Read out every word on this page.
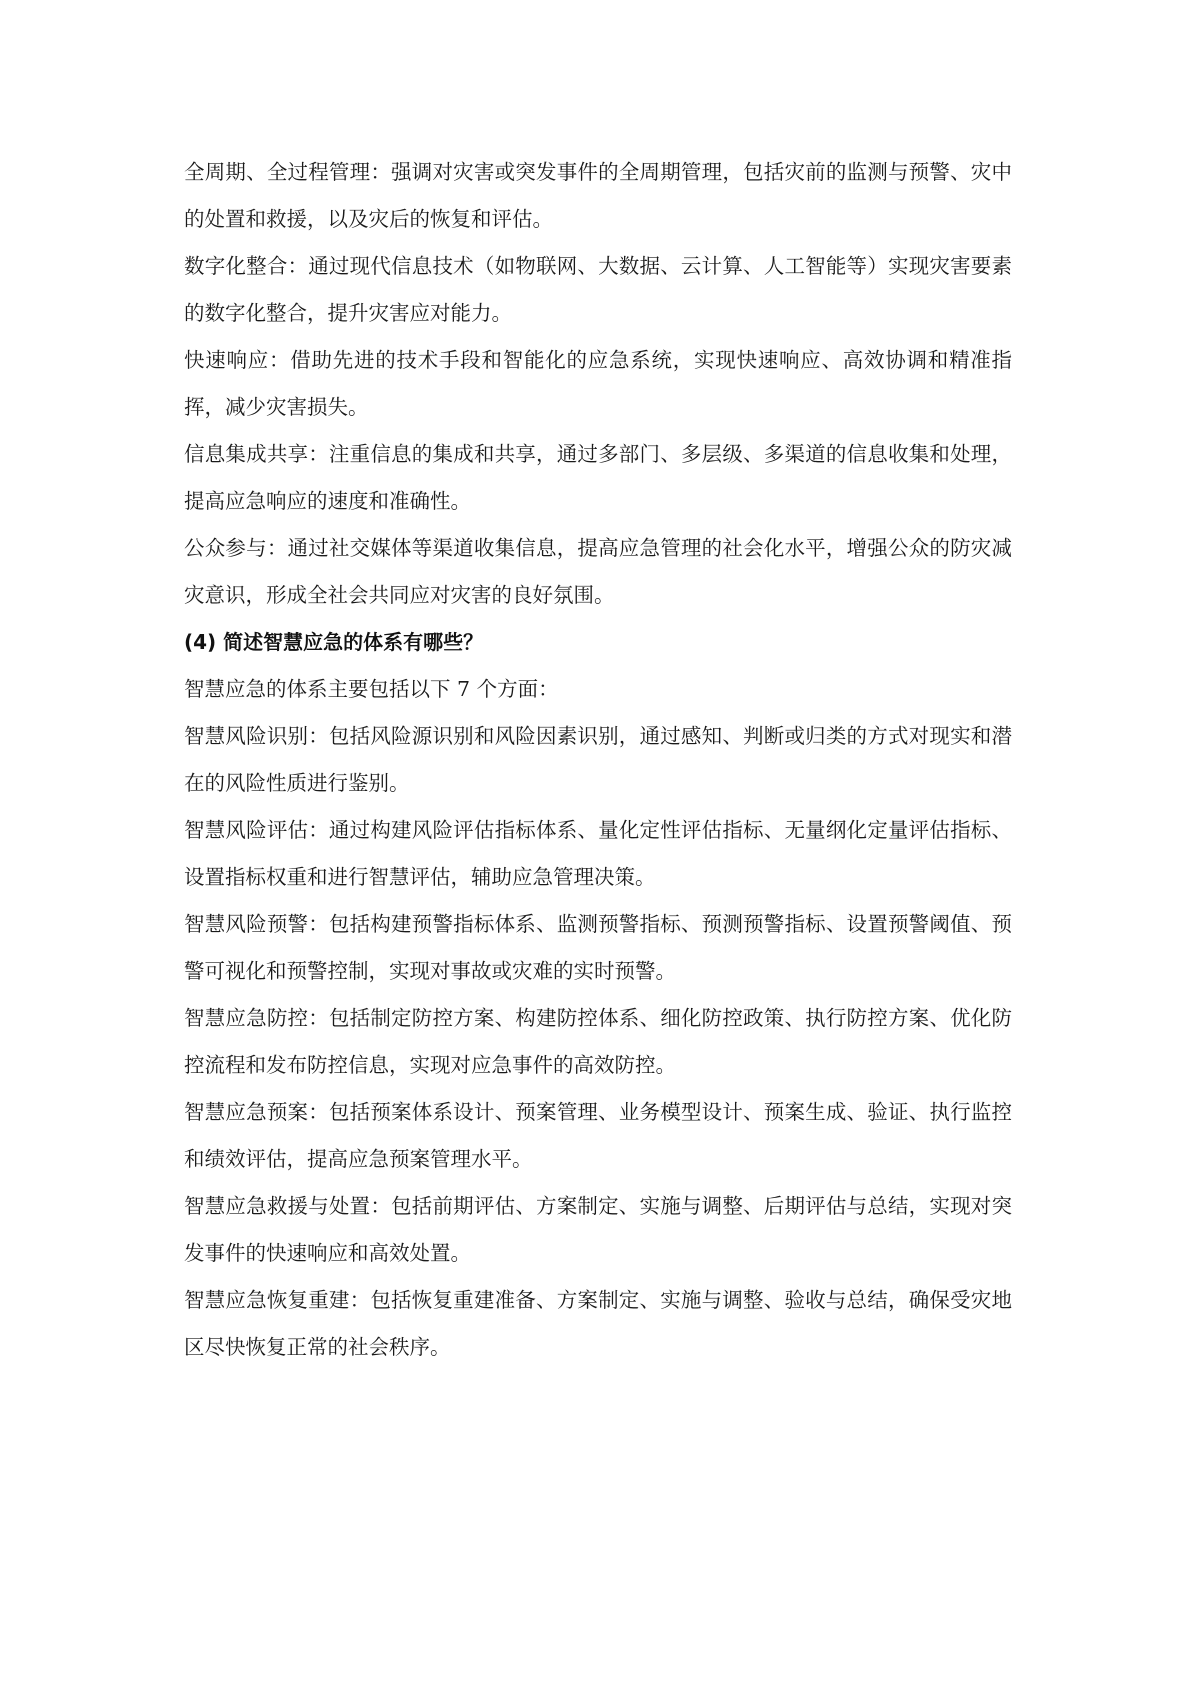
全周期、全过程管理：强调对灾害或突发事件的全周期管理，包括灾前的监测与预警、灾中的处置和救援，以及灾后的恢复和评估。

数字化整合：通过现代信息技术（如物联网、大数据、云计算、人工智能等）实现灾害要素的数字化整合，提升灾害应对能力。

快速响应：借助先进的技术手段和智能化的应急系统，实现快速响应、高效协调和精准指挥，减少灾害损失。

信息集成共享：注重信息的集成和共享，通过多部门、多层级、多渠道的信息收集和处理，提高应急响应的速度和准确性。

公众参与：通过社交媒体等渠道收集信息，提高应急管理的社会化水平，增强公众的防灾减灾意识，形成全社会共同应对灾害的良好氛围。

(4) 简述智慧应急的体系有哪些？

智慧应急的体系主要包括以下 7 个方面：

智慧风险识别：包括风险源识别和风险因素识别，通过感知、判断或归类的方式对现实和潜在的风险性质进行鉴别。

智慧风险评估：通过构建风险评估指标体系、量化定性评估指标、无量纲化定量评估指标、设置指标权重和进行智慧评估，辅助应急管理决策。

智慧风险预警：包括构建预警指标体系、监测预警指标、预测预警指标、设置预警阈值、预警可视化和预警控制，实现对事故或灾难的实时预警。

智慧应急防控：包括制定防控方案、构建防控体系、细化防控政策、执行防控方案、优化防控流程和发布防控信息，实现对应急事件的高效防控。

智慧应急预案：包括预案体系设计、预案管理、业务模型设计、预案生成、验证、执行监控和绩效评估，提高应急预案管理水平。

智慧应急救援与处置：包括前期评估、方案制定、实施与调整、后期评估与总结，实现对突发事件的快速响应和高效处置。

智慧应急恢复重建：包括恢复重建准备、方案制定、实施与调整、验收与总结，确保受灾地区尽快恢复正常的社会秩序。
